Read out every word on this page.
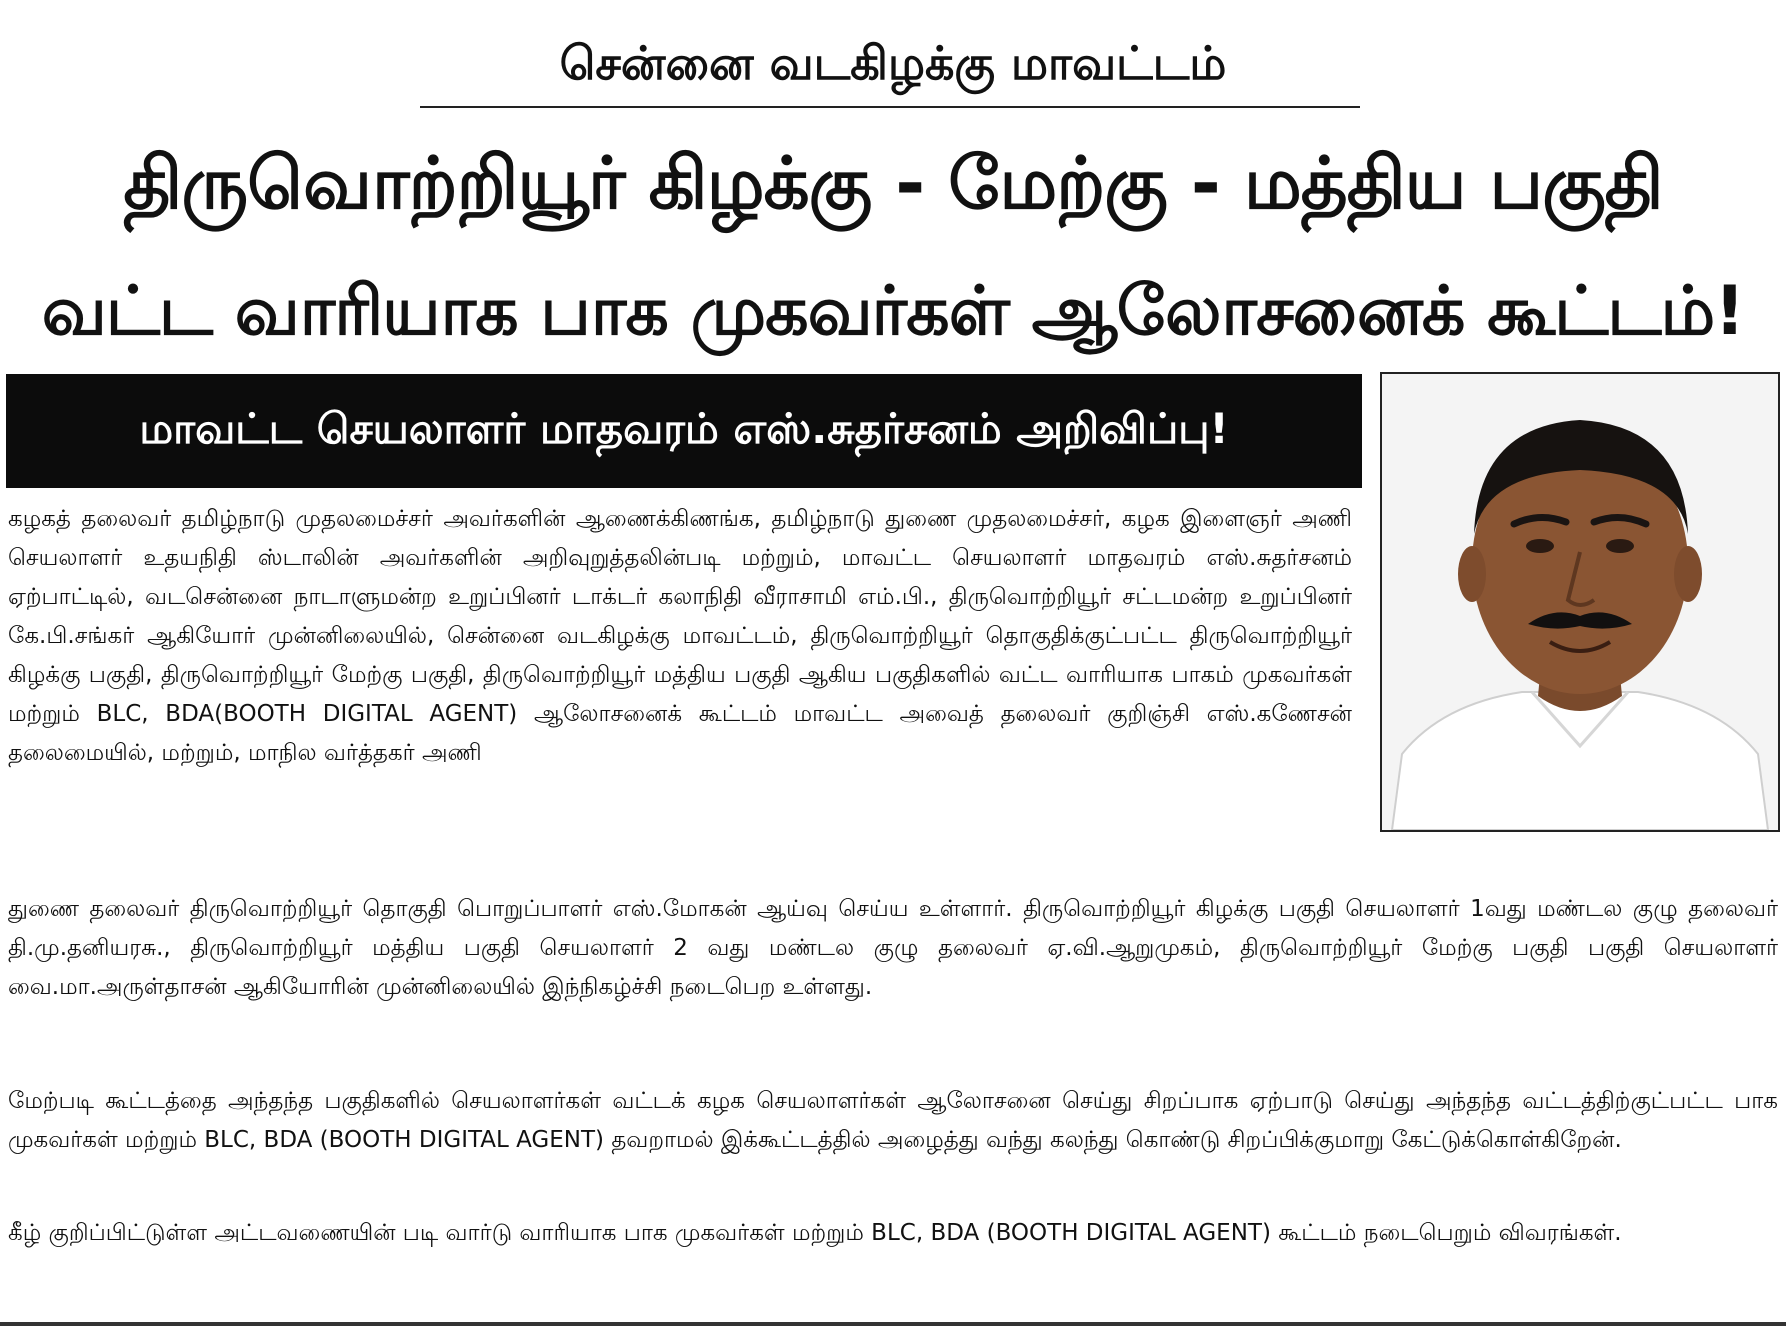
சென்னை வடகிழக்கு மாவட்டம்
திருவொற்றியூர் கிழக்கு - மேற்கு - மத்திய பகுதி
வட்ட வாரியாக பாக முகவர்கள் ஆலோசனைக் கூட்டம்!
மாவட்ட செயலாளர் மாதவரம் எஸ்.சுதர்சனம் அறிவிப்பு!

கழகத் தலைவர் தமிழ்நாடு முதலமைச்சர் அவர்களின் ஆணைக்கிணங்க, தமிழ்நாடு துணை முதலமைச்சர், கழக இளைஞர் அணி செயலாளர் உதயநிதி ஸ்டாலின் அவர்களின் அறிவுறுத்தலின்படி மற்றும், மாவட்ட செயலாளர் மாதவரம் எஸ்.சுதர்சனம் ஏற்பாட்டில், வடசென்னை நாடாளுமன்ற உறுப்பினர் டாக்டர் கலாநிதி வீராசாமி எம்.பி., திருவொற்றியூர் சட்டமன்ற உறுப்பினர் கே.பி.சங்கர் ஆகியோர் முன்னிலையில், சென்னை வடகிழக்கு மாவட்டம், திருவொற்றியூர் தொகுதிக்குட்பட்ட திருவொற்றியூர் கிழக்கு பகுதி, திருவொற்றியூர் மேற்கு பகுதி, திருவொற்றியூர் மத்திய பகுதி ஆகிய பகுதிகளில் வட்ட வாரியாக பாகம் முகவர்கள் மற்றும் BLC, BDA(BOOTH DIGITAL AGENT) ஆலோசனைக் கூட்டம் மாவட்ட அவைத் தலைவர் குறிஞ்சி எஸ்.கணேசன் தலைமையில், மற்றும், மாநில வர்த்தகர் அணி

துணை தலைவர் திருவொற்றியூர் தொகுதி பொறுப்பாளர் எஸ்.மோகன் ஆய்வு செய்ய உள்ளார். திருவொற்றியூர் கிழக்கு பகுதி செயலாளர் 1வது மண்டல குழு தலைவர் தி.மு.தனியரசு., திருவொற்றியூர் மத்திய பகுதி செயலாளர் 2 வது மண்டல குழு தலைவர் ஏ.வி.ஆறுமுகம், திருவொற்றியூர் மேற்கு பகுதி பகுதி செயலாளர் வை.மா.அருள்தாசன் ஆகியோரின் முன்னிலையில் இந்நிகழ்ச்சி நடைபெற உள்ளது.

மேற்படி கூட்டத்தை அந்தந்த பகுதிகளில் செயலாளர்கள் வட்டக் கழக செயலாளர்கள் ஆலோசனை செய்து சிறப்பாக ஏற்பாடு செய்து அந்தந்த வட்டத்திற்குட்பட்ட பாக முகவர்கள் மற்றும் BLC, BDA (BOOTH DIGITAL AGENT) தவறாமல் இக்கூட்டத்தில் அழைத்து வந்து கலந்து கொண்டு சிறப்பிக்குமாறு கேட்டுக்கொள்கிறேன்.

கீழ் குறிப்பிட்டுள்ள அட்டவணையின் படி வார்டு வாரியாக பாக முகவர்கள் மற்றும் BLC, BDA (BOOTH DIGITAL AGENT) கூட்டம் நடைபெறும் விவரங்கள்.
